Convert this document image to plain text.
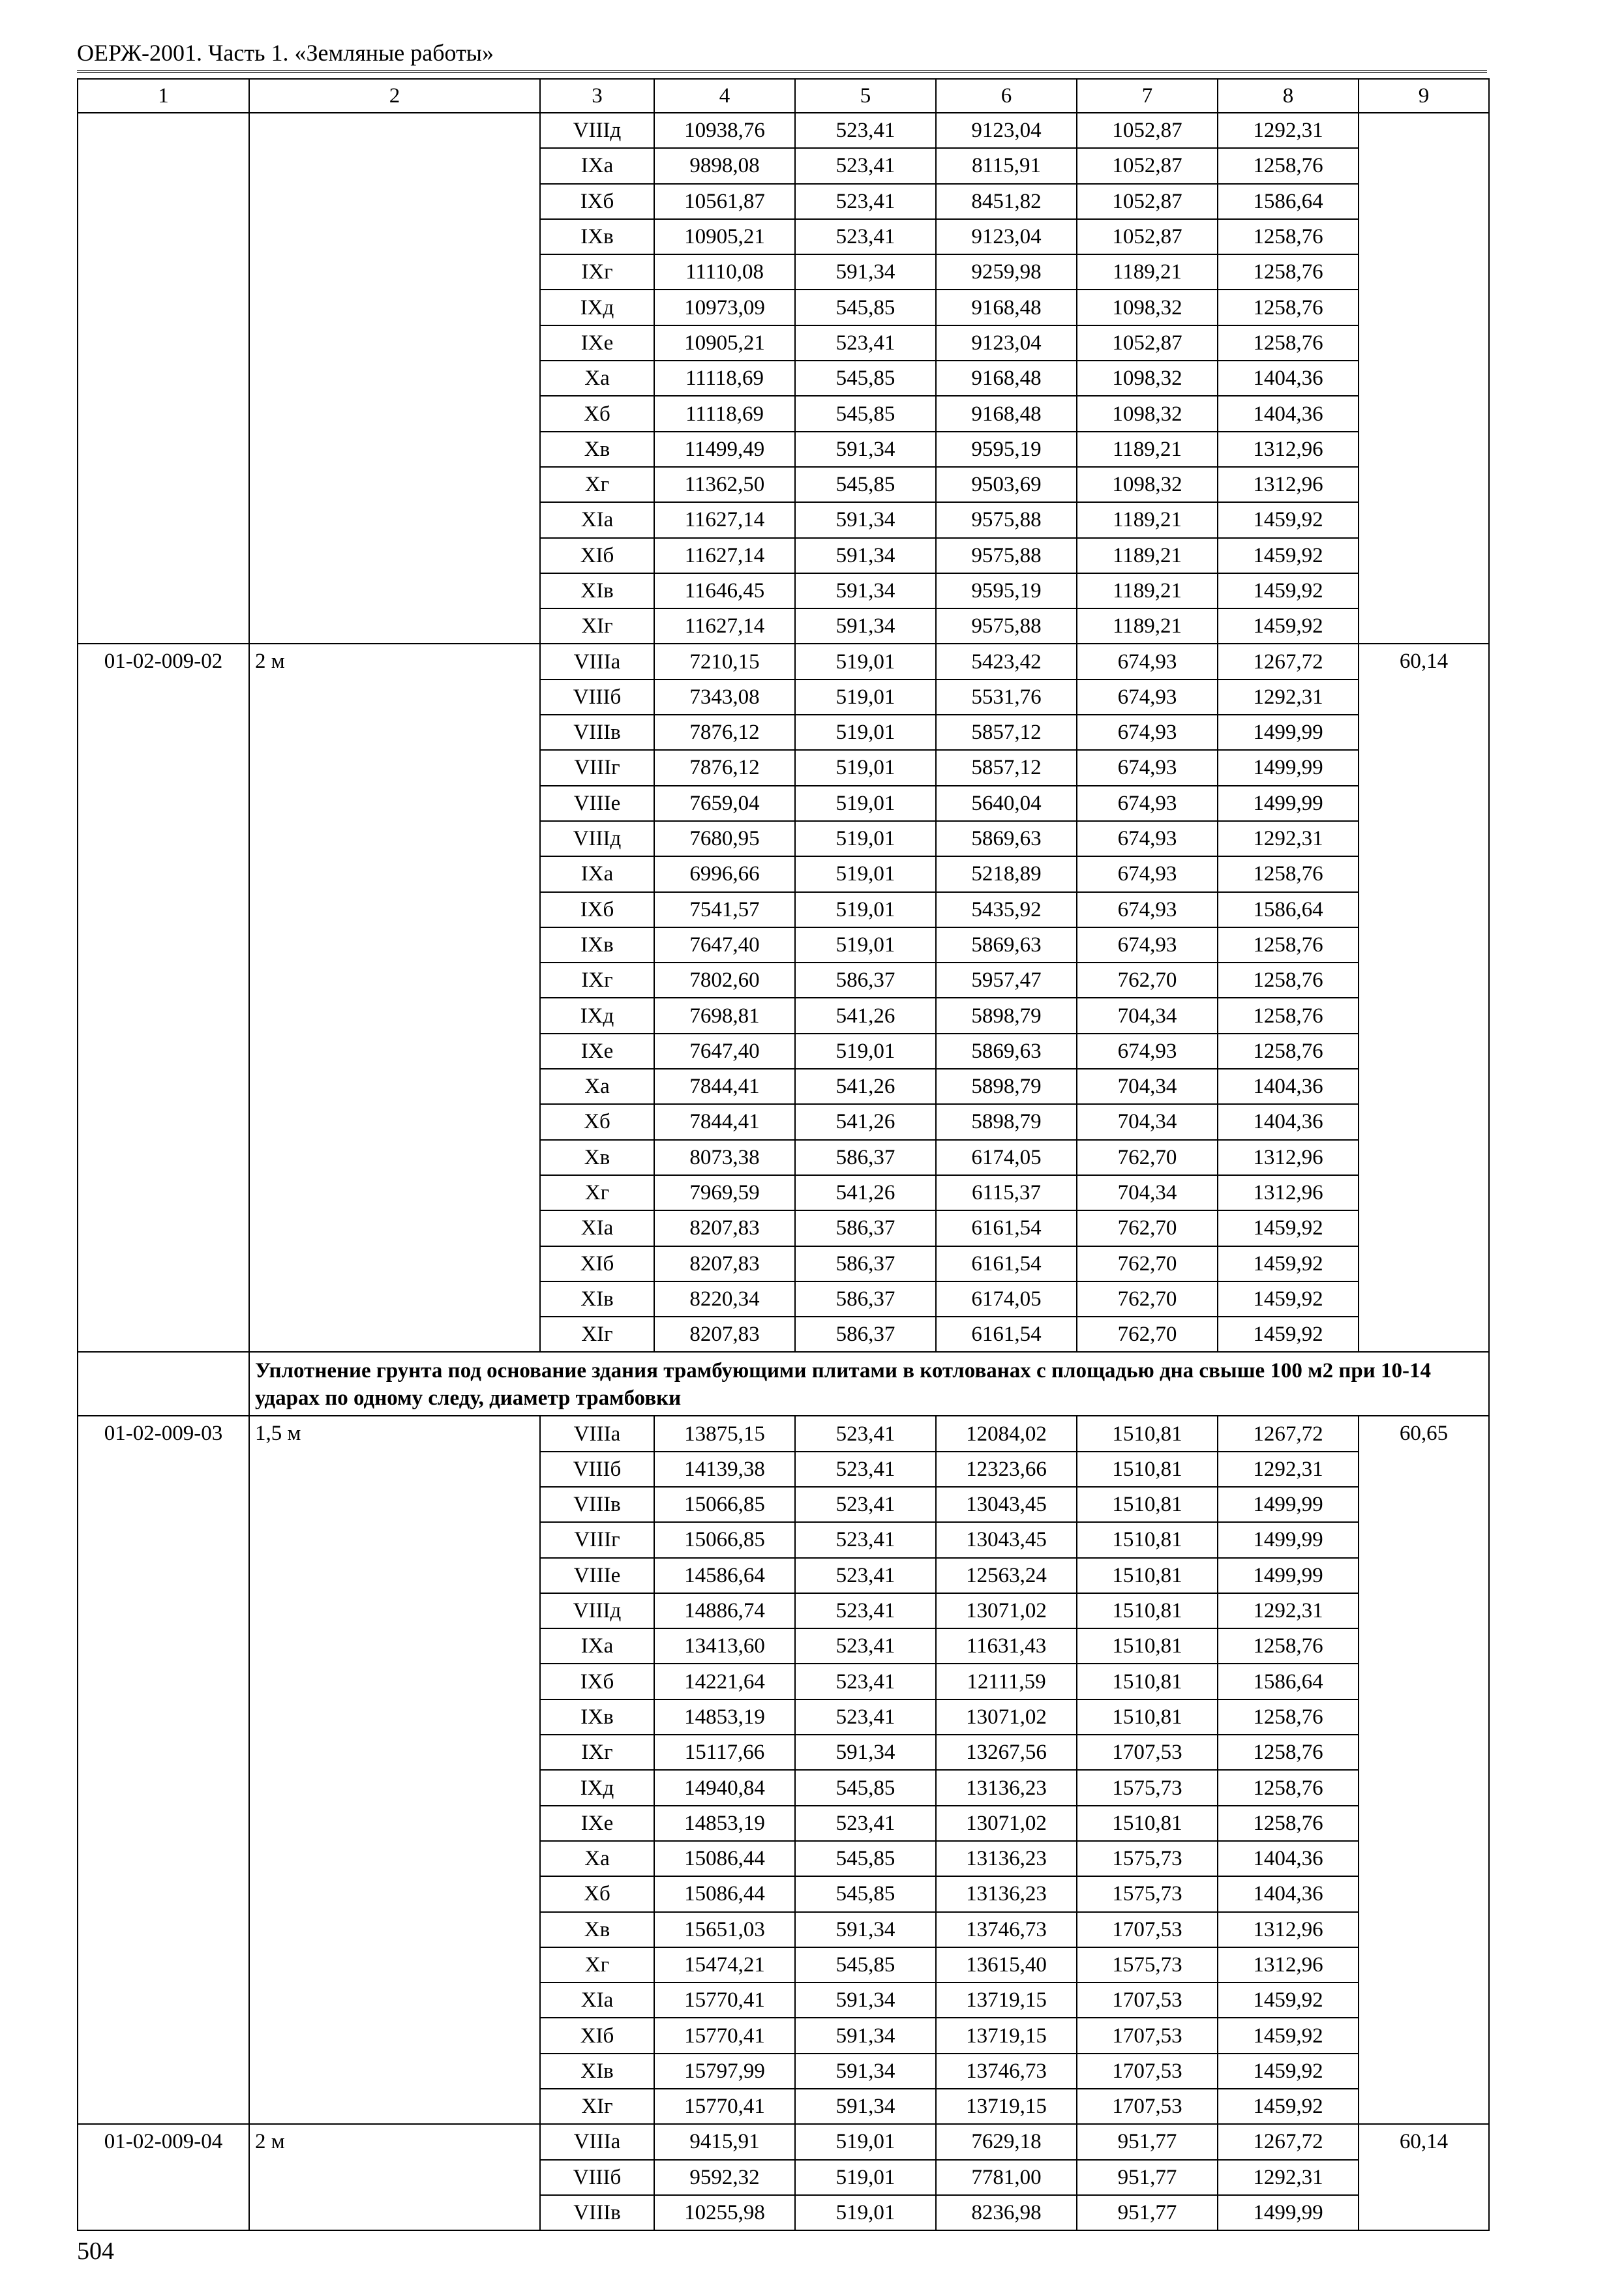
ОЕРЖ-2001. Часть 1. «Земляные работы»
1	2	3	4	5	6	7	8	9
		VIIIд	10938,76	523,41	9123,04	1052,87	1292,31	
		IXа	9898,08	523,41	8115,91	1052,87	1258,76	
		IXб	10561,87	523,41	8451,82	1052,87	1586,64	
		IXв	10905,21	523,41	9123,04	1052,87	1258,76	
		IXг	11110,08	591,34	9259,98	1189,21	1258,76	
		IXд	10973,09	545,85	9168,48	1098,32	1258,76	
		IXе	10905,21	523,41	9123,04	1052,87	1258,76	
		Xа	11118,69	545,85	9168,48	1098,32	1404,36	
		Xб	11118,69	545,85	9168,48	1098,32	1404,36	
		Xв	11499,49	591,34	9595,19	1189,21	1312,96	
		Xг	11362,50	545,85	9503,69	1098,32	1312,96	
		XIа	11627,14	591,34	9575,88	1189,21	1459,92	
		XIб	11627,14	591,34	9575,88	1189,21	1459,92	
		XIв	11646,45	591,34	9595,19	1189,21	1459,92	
		XIг	11627,14	591,34	9575,88	1189,21	1459,92	
01-02-009-02	2 м	VIIIа	7210,15	519,01	5423,42	674,93	1267,72	60,14
		VIIIб	7343,08	519,01	5531,76	674,93	1292,31	
		VIIIв	7876,12	519,01	5857,12	674,93	1499,99	
		VIIIг	7876,12	519,01	5857,12	674,93	1499,99	
		VIIIе	7659,04	519,01	5640,04	674,93	1499,99	
		VIIIд	7680,95	519,01	5869,63	674,93	1292,31	
		IXа	6996,66	519,01	5218,89	674,93	1258,76	
		IXб	7541,57	519,01	5435,92	674,93	1586,64	
		IXв	7647,40	519,01	5869,63	674,93	1258,76	
		IXг	7802,60	586,37	5957,47	762,70	1258,76	
		IXд	7698,81	541,26	5898,79	704,34	1258,76	
		IXе	7647,40	519,01	5869,63	674,93	1258,76	
		Xа	7844,41	541,26	5898,79	704,34	1404,36	
		Xб	7844,41	541,26	5898,79	704,34	1404,36	
		Xв	8073,38	586,37	6174,05	762,70	1312,96	
		Xг	7969,59	541,26	6115,37	704,34	1312,96	
		XIа	8207,83	586,37	6161,54	762,70	1459,92	
		XIб	8207,83	586,37	6161,54	762,70	1459,92	
		XIв	8220,34	586,37	6174,05	762,70	1459,92	
		XIг	8207,83	586,37	6161,54	762,70	1459,92	
	Уплотнение грунта под основание здания трамбующими плитами в котлованах с площадью дна свыше 100 м2 при 10-14 ударах по одному следу, диаметр трамбовки							
01-02-009-03	1,5 м	VIIIа	13875,15	523,41	12084,02	1510,81	1267,72	60,65
		VIIIб	14139,38	523,41	12323,66	1510,81	1292,31	
		VIIIв	15066,85	523,41	13043,45	1510,81	1499,99	
		VIIIг	15066,85	523,41	13043,45	1510,81	1499,99	
		VIIIе	14586,64	523,41	12563,24	1510,81	1499,99	
		VIIIд	14886,74	523,41	13071,02	1510,81	1292,31	
		IXа	13413,60	523,41	11631,43	1510,81	1258,76	
		IXб	14221,64	523,41	12111,59	1510,81	1586,64	
		IXв	14853,19	523,41	13071,02	1510,81	1258,76	
		IXг	15117,66	591,34	13267,56	1707,53	1258,76	
		IXд	14940,84	545,85	13136,23	1575,73	1258,76	
		IXе	14853,19	523,41	13071,02	1510,81	1258,76	
		Xа	15086,44	545,85	13136,23	1575,73	1404,36	
		Xб	15086,44	545,85	13136,23	1575,73	1404,36	
		Xв	15651,03	591,34	13746,73	1707,53	1312,96	
		Xг	15474,21	545,85	13615,40	1575,73	1312,96	
		XIа	15770,41	591,34	13719,15	1707,53	1459,92	
		XIб	15770,41	591,34	13719,15	1707,53	1459,92	
		XIв	15797,99	591,34	13746,73	1707,53	1459,92	
		XIг	15770,41	591,34	13719,15	1707,53	1459,92	
01-02-009-04	2 м	VIIIа	9415,91	519,01	7629,18	951,77	1267,72	60,14
		VIIIб	9592,32	519,01	7781,00	951,77	1292,31	
		VIIIв	10255,98	519,01	8236,98	951,77	1499,99	
504
